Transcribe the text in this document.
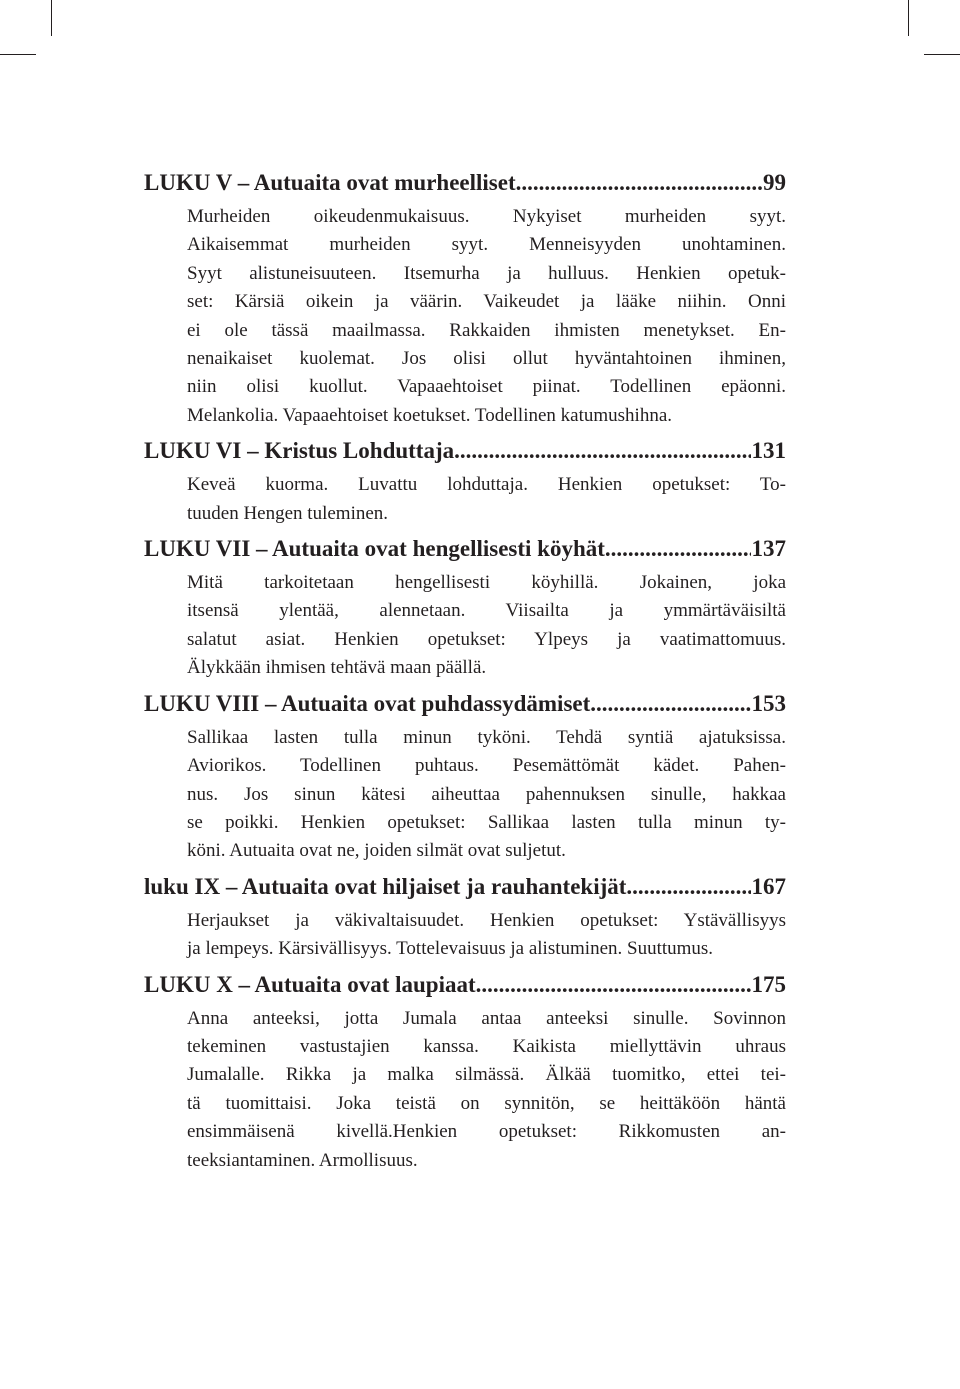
LUKU V – Autuaita ovat murheelliset .....	99
Murheiden oikeudenmukaisuus. Nykyiset murheiden syyt.
Aikaisemmat murheiden syyt. Menneisyyden unohtaminen.
Syyt alistuneisuuteen. Itsemurha ja hulluus. Henkien opetuk-
set: Kärsiä oikein ja väärin. Vaikeudet ja lääke niihin. Onni
ei ole tässä maailmassa. Rakkaiden ihmisten menetykset. En-
nenaikaiset kuolemat. Jos olisi ollut hyväntahtoinen ihminen,
niin olisi kuollut. Vapaaehtoiset piinat. Todellinen epäonni.
Melankolia. Vapaaehtoiset koetukset. Todellinen katumushihna.
LUKU VI – Kristus Lohduttaja .....	131
Keveä kuorma. Luvattu lohduttaja. Henkien opetukset: To-
tuuden Hengen tuleminen.
LUKU VII – Autuaita ovat hengellisesti köyhät .....	137
Mitä tarkoitetaan hengellisesti köyhillä. Jokainen, joka
itsensä ylentää, alennetaan. Viisailta ja ymmärtäväisiltä
salatut asiat. Henkien opetukset: Ylpeys ja vaatimattomuus.
Älykkään ihmisen tehtävä maan päällä.
LUKU VIII – Autuaita ovat puhdassydämiset .....	153
Sallikaa lasten tulla minun tyköni. Tehdä syntiä ajatuksissa.
Aviorikos. Todellinen puhtaus. Pesemättömät kädet. Pahen-
nus. Jos sinun kätesi aiheuttaa pahennuksen sinulle, hakkaa
se poikki. Henkien opetukset: Sallikaa lasten tulla minun ty-
köni. Autuaita ovat ne, joiden silmät ovat suljetut.
luku IX – Autuaita ovat hiljaiset ja rauhantekijät .....	167
Herjaukset ja väkivaltaisuudet. Henkien opetukset: Ystävällisyys
ja lempeys. Kärsivällisyys. Tottelevaisuus ja alistuminen. Suuttumus.
LUKU X – Autuaita ovat laupiaat .....	175
Anna anteeksi, jotta Jumala antaa anteeksi sinulle. Sovinnon
tekeminen vastustajien kanssa. Kaikista miellyttävin uhraus
Jumalalle. Rikka ja malka silmässä. Älkää tuomitko, ettei tei-
tä tuomittaisi. Joka teistä on synnitön, se heittäköön häntä
ensimmäisenä kivellä.Henkien opetukset: Rikkomusten an-
teeksiantaminen. Armollisuus.
